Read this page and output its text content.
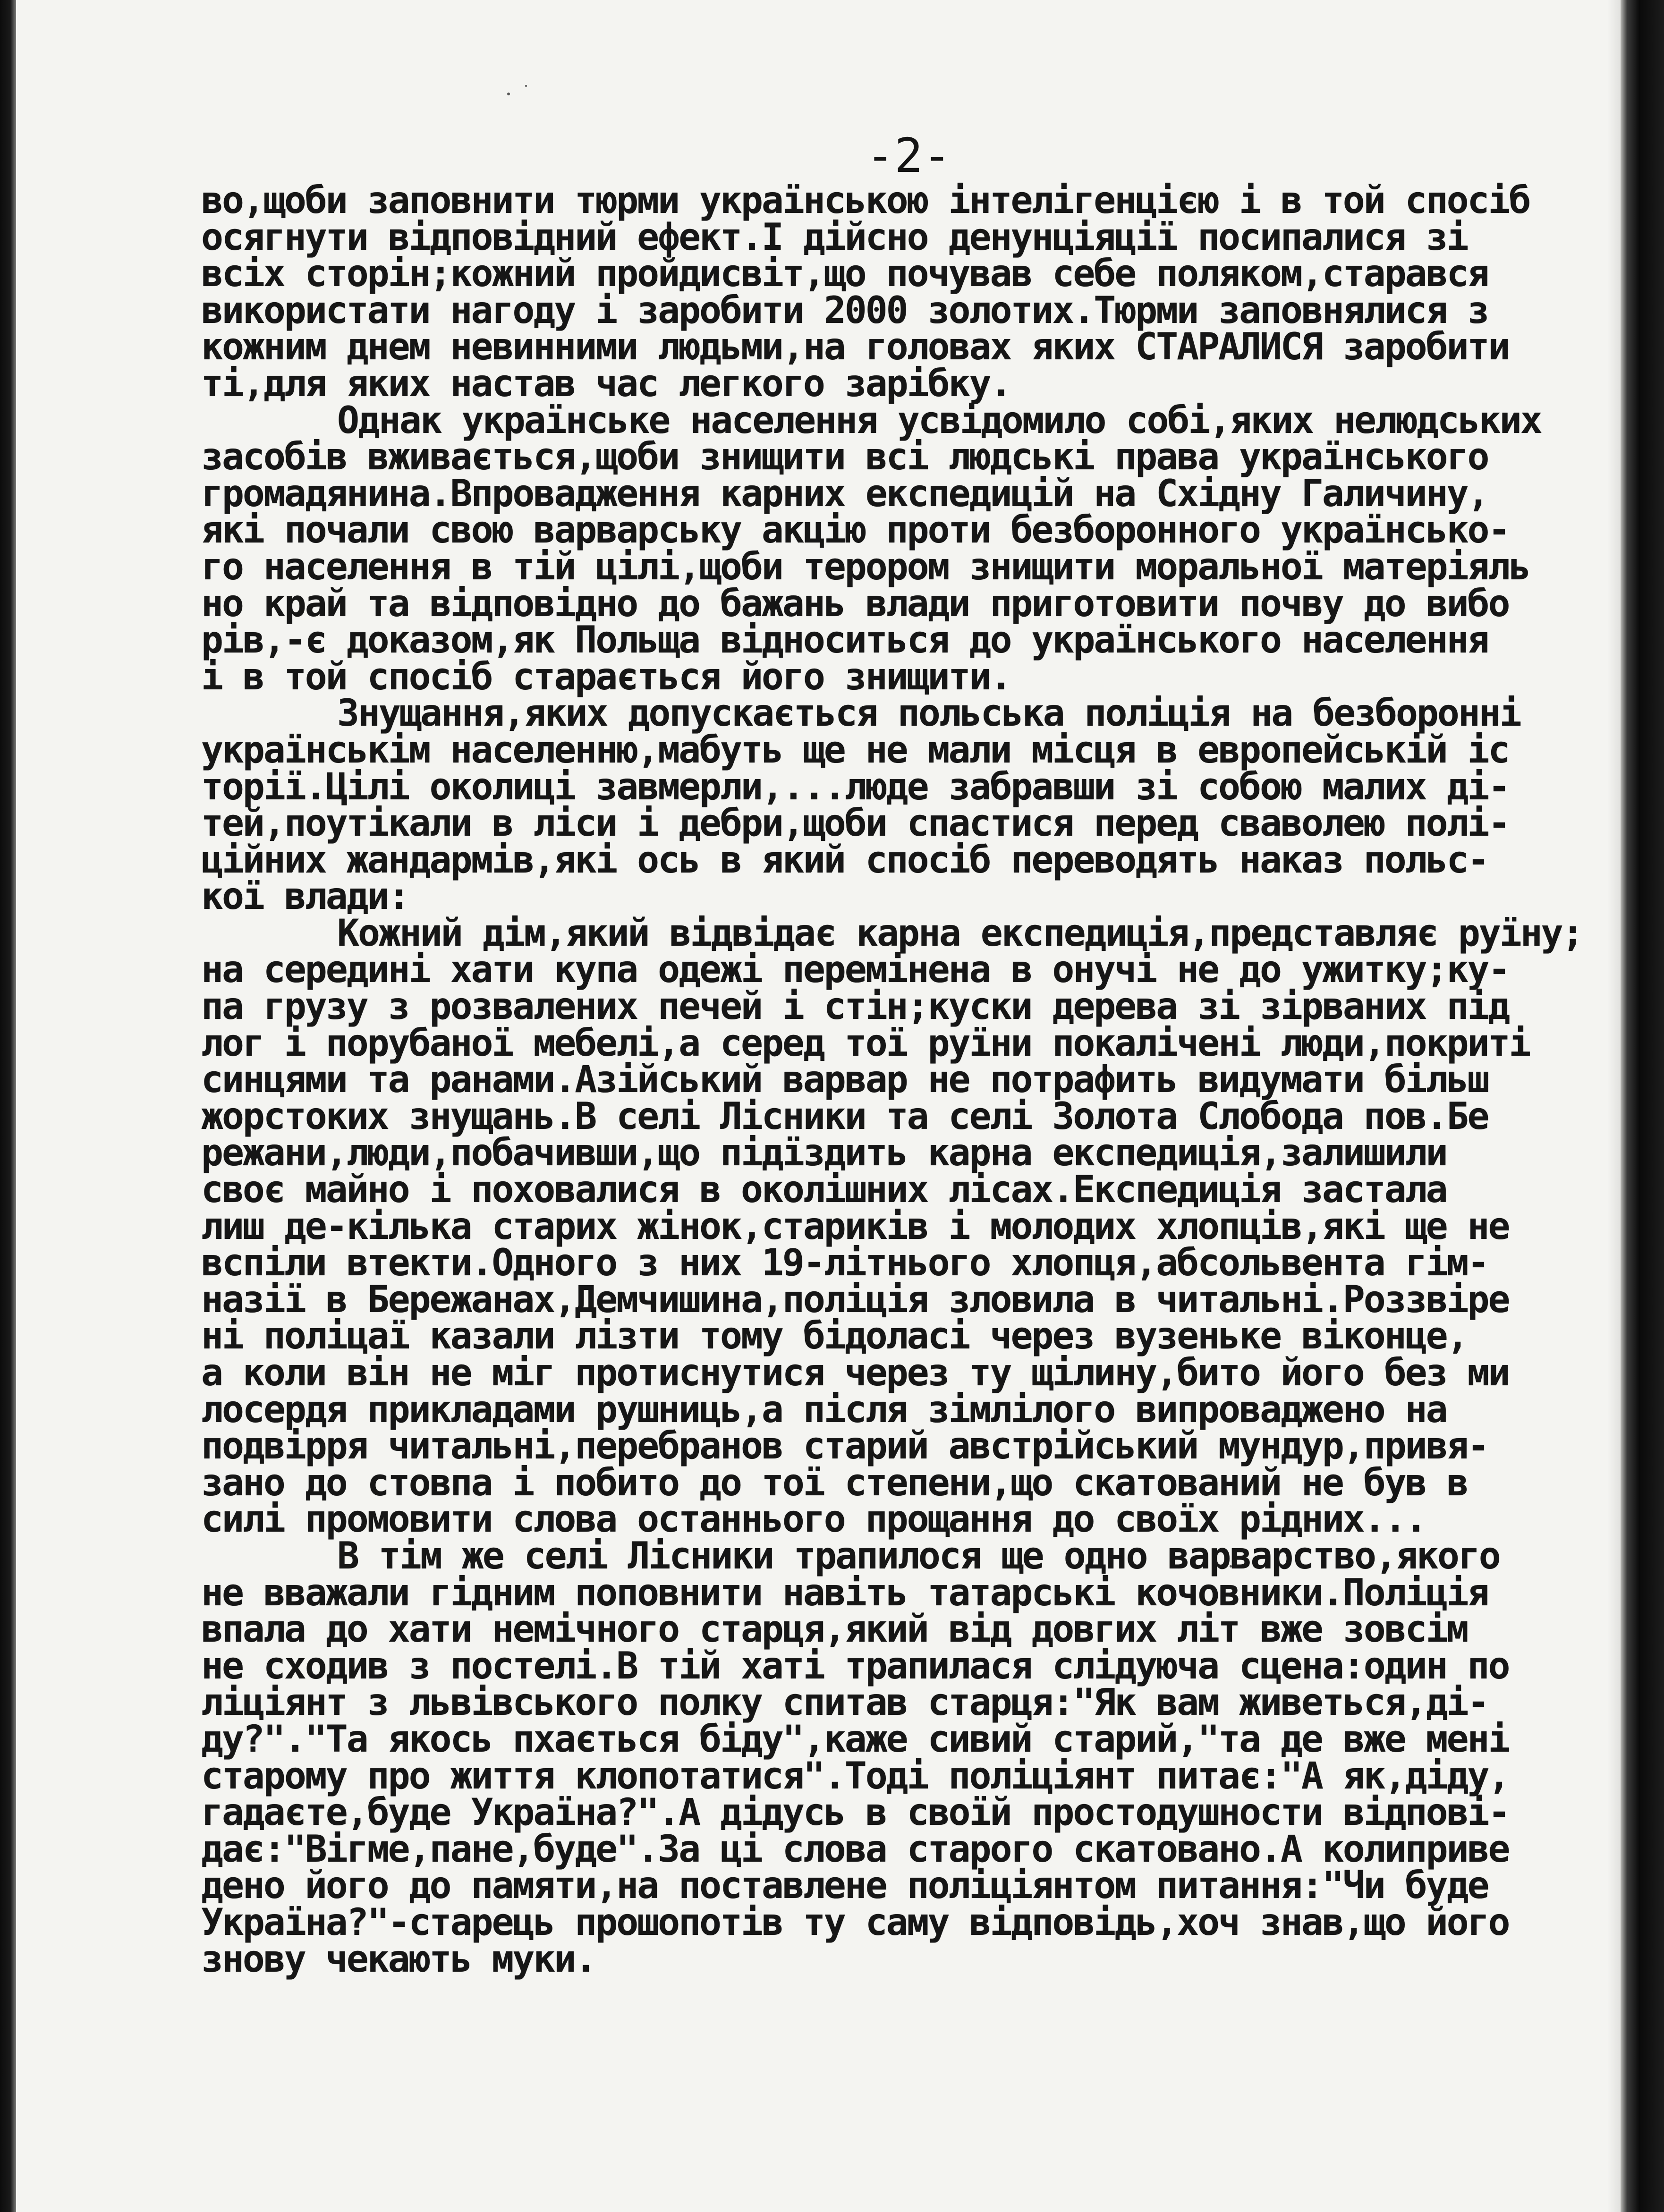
-2-
во,щоби заповнити тюрми українською інтелігенцією і в той спосіб
осягнути відповідний ефект.І дійсно денунціяції посипалися зі
всіх сторін;кожний пройдисвіт,що почував себе поляком,старався
використати нагоду і заробити 2000 золотих.Тюрми заповнялися з
кожним днем невинними людьми,на головах яких СТАРАЛИСЯ заробити
ті,для яких настав час легкого зарібку.
Однак українське населення усвідомило собі,яких нелюдських
засобів вживається,щоби знищити всі людські права українського
громадянина.Впровадження карних експедицій на Східну Галичину,
які почали свою варварську акцію проти безборонного українсько-
го населення в тій цілі,щоби терором знищити моральної матеріяль
но край та відповідно до бажань влади приготовити почву до вибо
рів,-є доказом,як Польща відноситься до українського населення
і в той спосіб старається його знищити.
Знущання,яких допускається польська поліція на безборонні
українськім населенню,мабуть ще не мали місця в европейській іс
торії.Цілі околиці завмерли,...люде забравши зі собою малих ді-
тей,поутікали в ліси і дебри,щоби спастися перед сваволею полі-
ційних жандармів,які ось в який спосіб переводять наказ польс-
кої влади:
Кожний дім,який відвідає карна експедиція,представляє руїну;
на середині хати купа одежі перемінена в онучі не до ужитку;ку-
па грузу з розвалених печей і стін;куски дерева зі зірваних під
лог і порубаної мебелі,а серед тої руїни покалічені люди,покриті
синцями та ранами.Азійський варвар не потрафить видумати більш
жорстоких знущань.В селі Лісники та селі Золота Слобода пов.Бе
режани,люди,побачивши,що підїздить карна експедиція,залишили
своє майно і поховалися в околішних лісах.Експедиція застала
лиш де-кілька старих жінок,стариків і молодих хлопців,які ще не
вспіли втекти.Одного з них 19-літнього хлопця,абсольвента гім-
назії в Бережанах,Демчишина,поліція зловила в читальні.Роззвіре
ні поліцаї казали лізти тому бідоласі через вузеньке віконце,
а коли він не міг протиснутися через ту щілину,бито його без ми
лосердя прикладами рушниць,а після зімлілого випроваджено на
подвірря читальні,перебранов старий австрійський мундур,привя-
зано до стовпа і побито до тої степени,що скатований не був в
силі промовити слова останнього прощання до своїх рідних...
В тім же селі Лісники трапилося ще одно варварство,якого
не вважали гідним поповнити навіть татарські кочовники.Поліція
впала до хати немічного старця,який від довгих літ вже зовсім
не сходив з постелі.В тій хаті трапилася слідуюча сцена:один по
ліціянт з львівського полку спитав старця:"Як вам живеться,ді-
ду?"."Та якось пхається біду",каже сивий старий,"та де вже мені
старому про життя клопотатися".Тоді поліціянт питає:"А як,діду,
гадаєте,буде Україна?".А дідусь в своїй простодушности відпові-
дає:"Вігме,пане,буде".За ці слова старого скатовано.А колиприве
дено його до памяти,на поставлене поліціянтом питання:"Чи буде
Україна?"-старець прошопотів ту саму відповідь,хоч знав,що його
знову чекають муки.
